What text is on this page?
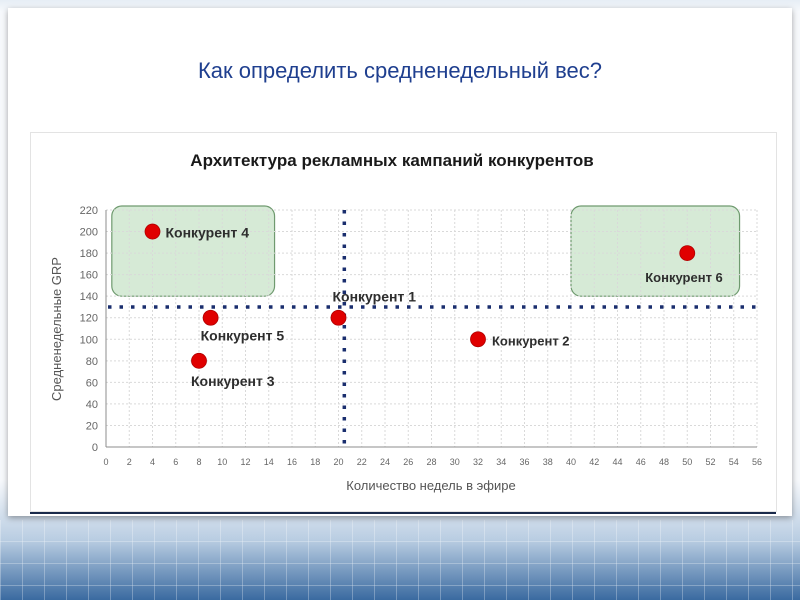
Как определить средненедельный вес?
Архитектура рекламных кампаний конкурентов
0 2 4 6 8 10 12 14 16 18 20 22 24 26 28 30 32 34 36 38 40 42 44 46 48 50 52 54 56
0
20
40
60
80
100
120
140
160
180
200
220
Конкурент 1
Конкурент 2
Конкурент 3
Конкурент 4
Конкурент 5
Конкурент 6
Количество недель в эфире
Средненедельные GRP
